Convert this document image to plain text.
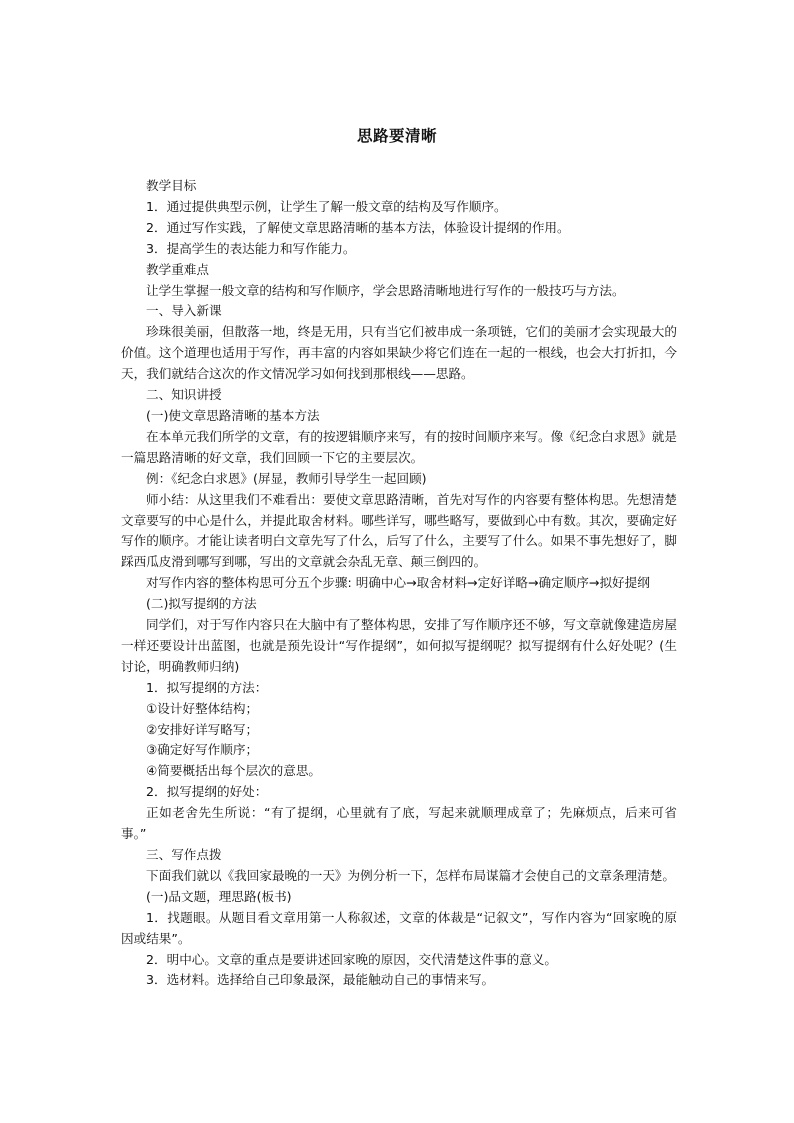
思路要清晰

教学目标

1．通过提供典型示例，让学生了解一般文章的结构及写作顺序。

2．通过写作实践，了解使文章思路清晰的基本方法，体验设计提纲的作用。

3．提高学生的表达能力和写作能力。

教学重难点

让学生掌握一般文章的结构和写作顺序，学会思路清晰地进行写作的一般技巧与方法。

一、导入新课

珍珠很美丽，但散落一地，终是无用，只有当它们被串成一条项链，它们的美丽才会实现最大的价值。这个道理也适用于写作，再丰富的内容如果缺少将它们连在一起的一根线，也会大打折扣，今天，我们就结合这次的作文情况学习如何找到那根线——思路。

二、知识讲授

(一)使文章思路清晰的基本方法

在本单元我们所学的文章，有的按逻辑顺序来写，有的按时间顺序来写。像《纪念白求恩》就是一篇思路清晰的好文章，我们回顾一下它的主要层次。

例：《纪念白求恩》(屏显，教师引导学生一起回顾)

师小结：从这里我们不难看出：要使文章思路清晰，首先对写作的内容要有整体构思。先想清楚文章要写的中心是什么，并提此取舍材料。哪些详写，哪些略写，要做到心中有数。其次，要确定好写作的顺序。才能让读者明白文章先写了什么，后写了什么，主要写了什么。如果不事先想好了，脚踩西瓜皮滑到哪写到哪，写出的文章就会杂乱无章、颠三倒四的。

对写作内容的整体构思可分五个步骤: 明确中心→取舍材料→定好详略→确定顺序→拟好提纲

(二)拟写提纲的方法

同学们，对于写作内容只在大脑中有了整体构思，安排了写作顺序还不够，写文章就像建造房屋一样还要设计出蓝图，也就是预先设计“写作提纲”，如何拟写提纲呢？拟写提纲有什么好处呢？(生讨论，明确教师归纳)

1．拟写提纲的方法：

①设计好整体结构；

②安排好详写略写；

③确定好写作顺序；

④简要概括出每个层次的意思。

2．拟写提纲的好处：

正如老舍先生所说：“有了提纲，心里就有了底，写起来就顺理成章了；先麻烦点，后来可省事。”

三、写作点拨

下面我们就以《我回家最晚的一天》为例分析一下，怎样布局谋篇才会使自己的文章条理清楚。

(一)品文题，理思路(板书)

1．找题眼。从题目看文章用第一人称叙述，文章的体裁是“记叙文”，写作内容为“回家晚的原因或结果”。

2．明中心。文章的重点是要讲述回家晚的原因，交代清楚这件事的意义。

3．选材料。选择给自己印象最深，最能触动自己的事情来写。
